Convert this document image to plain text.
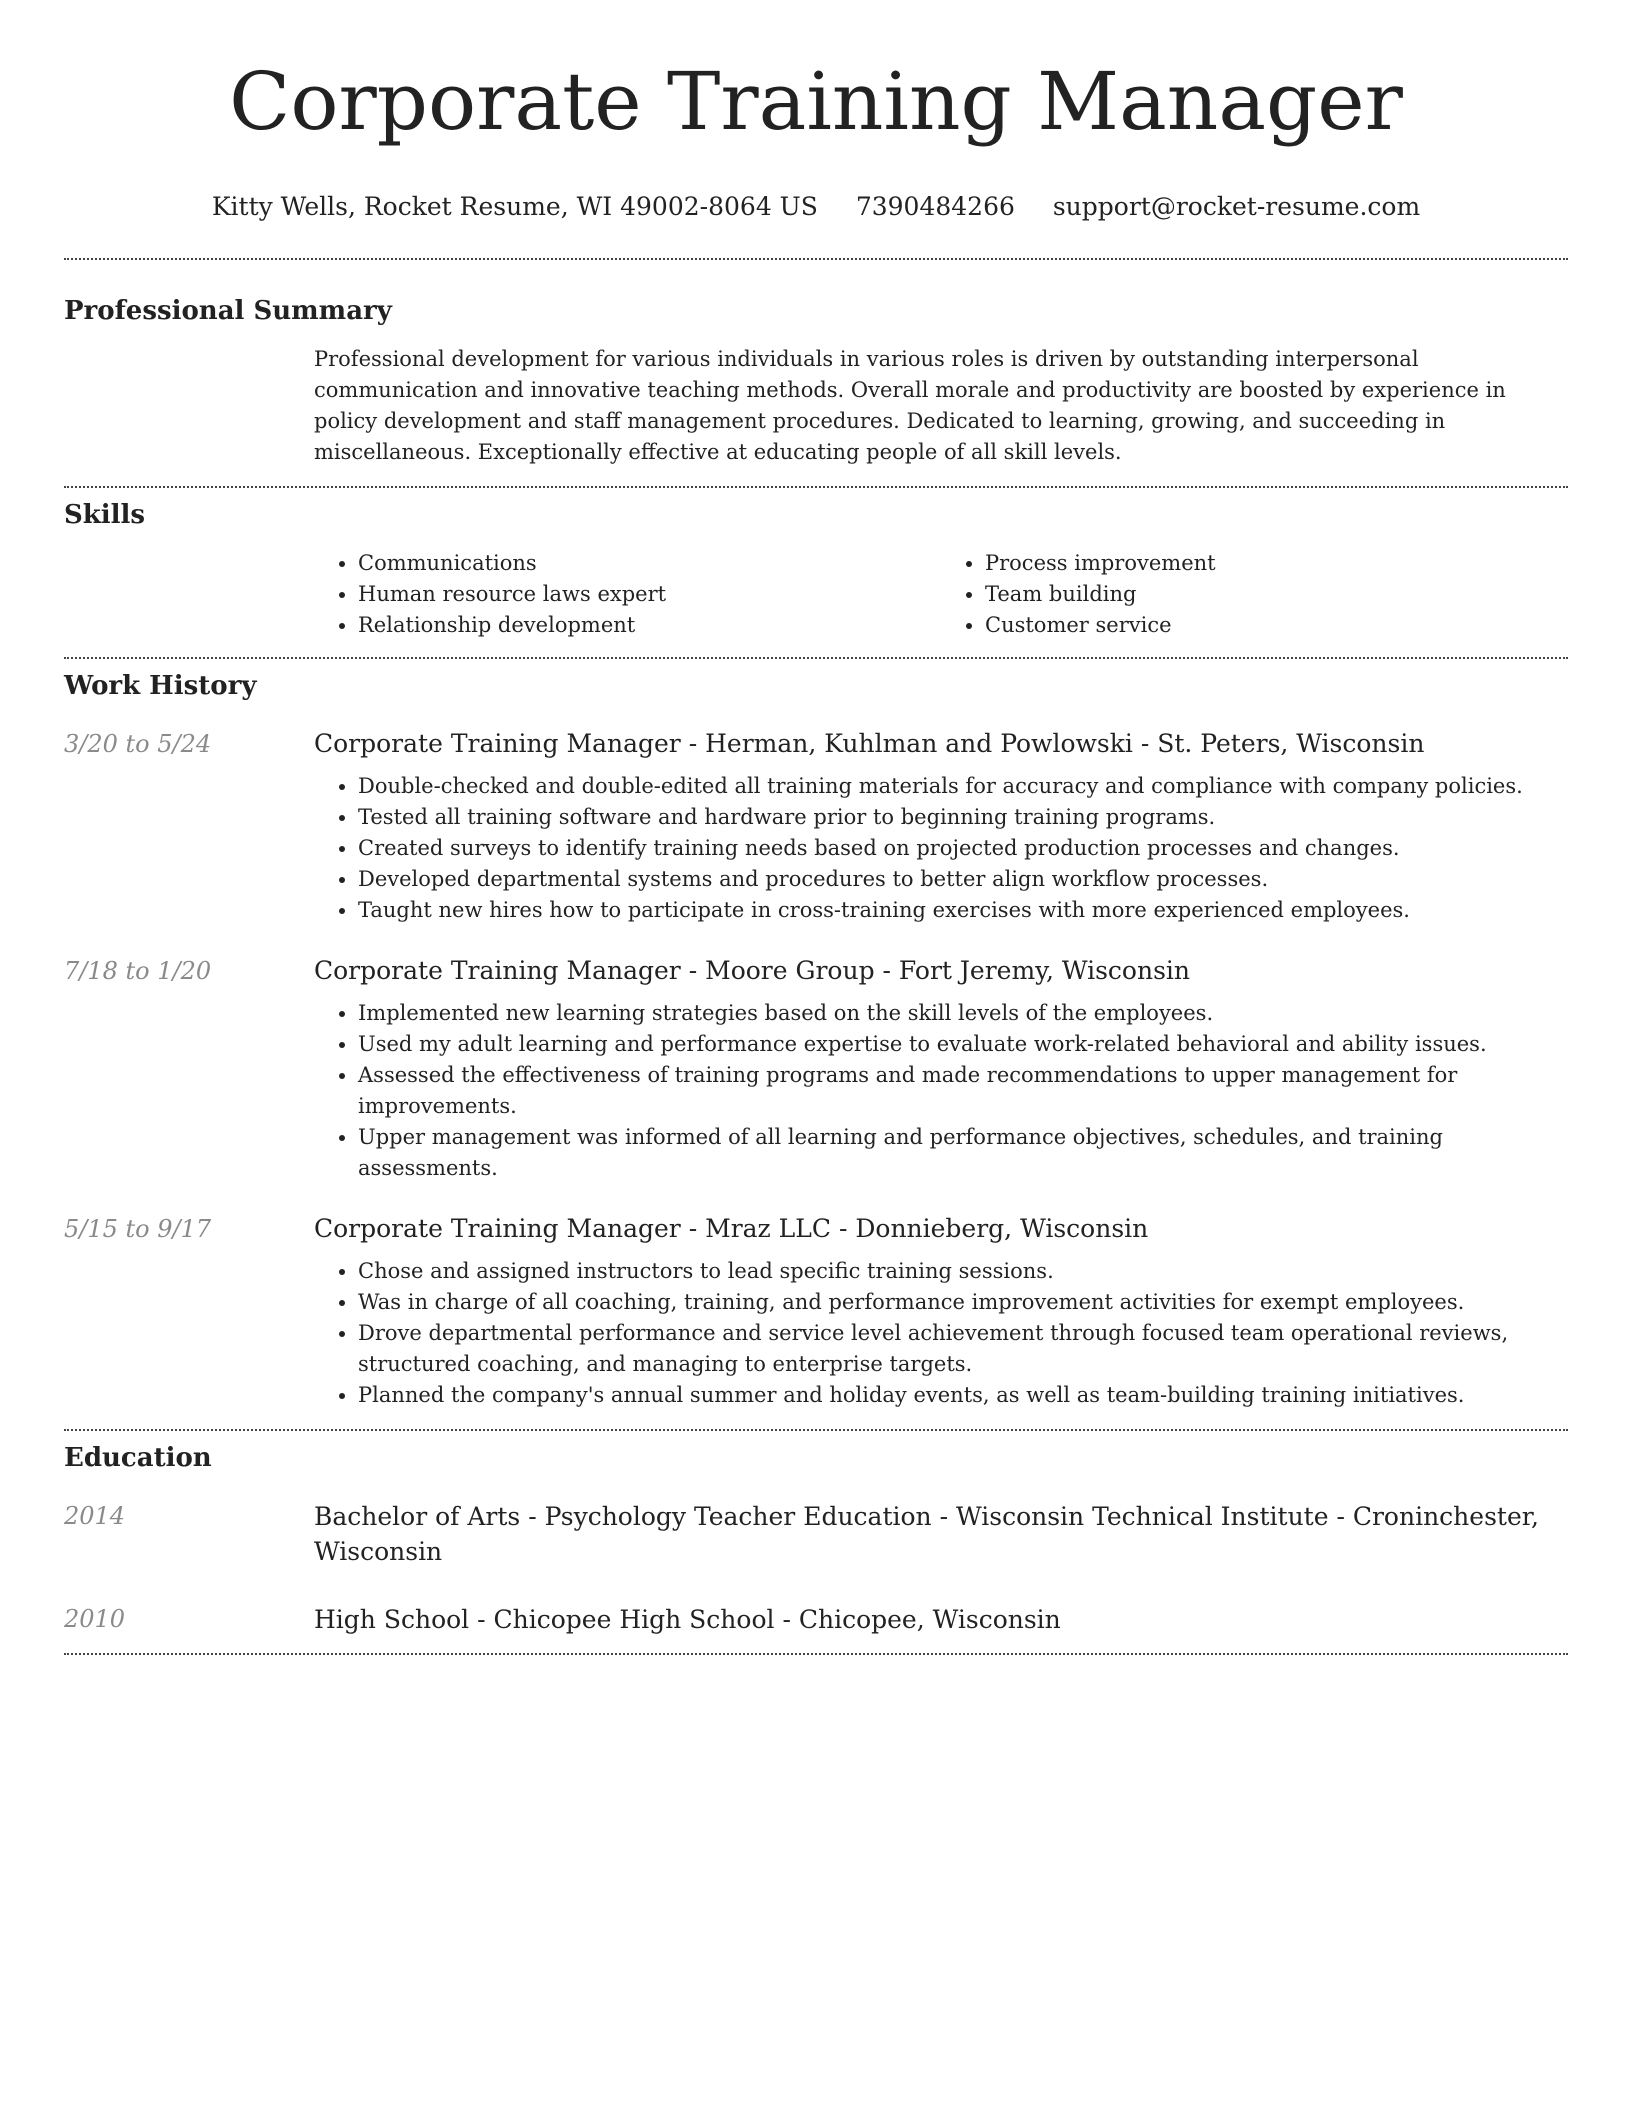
Corporate Training Manager
Kitty Wells, Rocket Resume, WI 49002-8064 US 7390484266 support@rocket-resume.com
Professional Summary
Professional development for various individuals in various roles is driven by outstanding interpersonal communication and innovative teaching methods. Overall morale and productivity are boosted by experience in policy development and staff management procedures. Dedicated to learning, growing, and succeeding in miscellaneous. Exceptionally effective at educating people of all skill levels.
Skills
• Communications
• Human resource laws expert
• Relationship development
• Process improvement
• Team building
• Customer service
Work History
3/20 to 5/24	Corporate Training Manager - Herman, Kuhlman and Powlowski - St. Peters, Wisconsin
• Double-checked and double-edited all training materials for accuracy and compliance with company policies.
• Tested all training software and hardware prior to beginning training programs.
• Created surveys to identify training needs based on projected production processes and changes.
• Developed departmental systems and procedures to better align workflow processes.
• Taught new hires how to participate in cross-training exercises with more experienced employees.
7/18 to 1/20	Corporate Training Manager - Moore Group - Fort Jeremy, Wisconsin
• Implemented new learning strategies based on the skill levels of the employees.
• Used my adult learning and performance expertise to evaluate work-related behavioral and ability issues.
• Assessed the effectiveness of training programs and made recommendations to upper management for improvements.
• Upper management was informed of all learning and performance objectives, schedules, and training assessments.
5/15 to 9/17	Corporate Training Manager - Mraz LLC - Donnieberg, Wisconsin
• Chose and assigned instructors to lead specific training sessions.
• Was in charge of all coaching, training, and performance improvement activities for exempt employees.
• Drove departmental performance and service level achievement through focused team operational reviews, structured coaching, and managing to enterprise targets.
• Planned the company's annual summer and holiday events, as well as team-building training initiatives.
Education
2014	Bachelor of Arts - Psychology Teacher Education - Wisconsin Technical Institute - Croninchester, Wisconsin
2010	High School - Chicopee High School - Chicopee, Wisconsin
